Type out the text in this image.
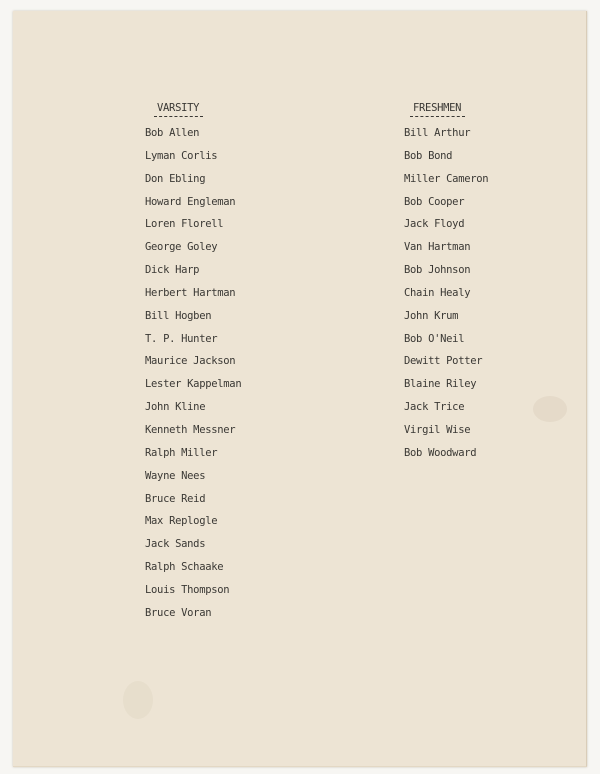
VARSITY
Bob Allen
Lyman Corlis
Don Ebling
Howard Engleman
Loren Florell
George Goley
Dick Harp
Herbert Hartman
Bill Hogben
T. P. Hunter
Maurice Jackson
Lester Kappelman
John Kline
Kenneth Messner
Ralph Miller
Wayne Nees
Bruce Reid
Max Replogle
Jack Sands
Ralph Schaake
Louis Thompson
Bruce Voran
FRESHMEN
Bill Arthur
Bob Bond
Miller Cameron
Bob Cooper
Jack Floyd
Van Hartman
Bob Johnson
Chain Healy
John Krum
Bob O'Neil
Dewitt Potter
Blaine Riley
Jack Trice
Virgil Wise
Bob Woodward
